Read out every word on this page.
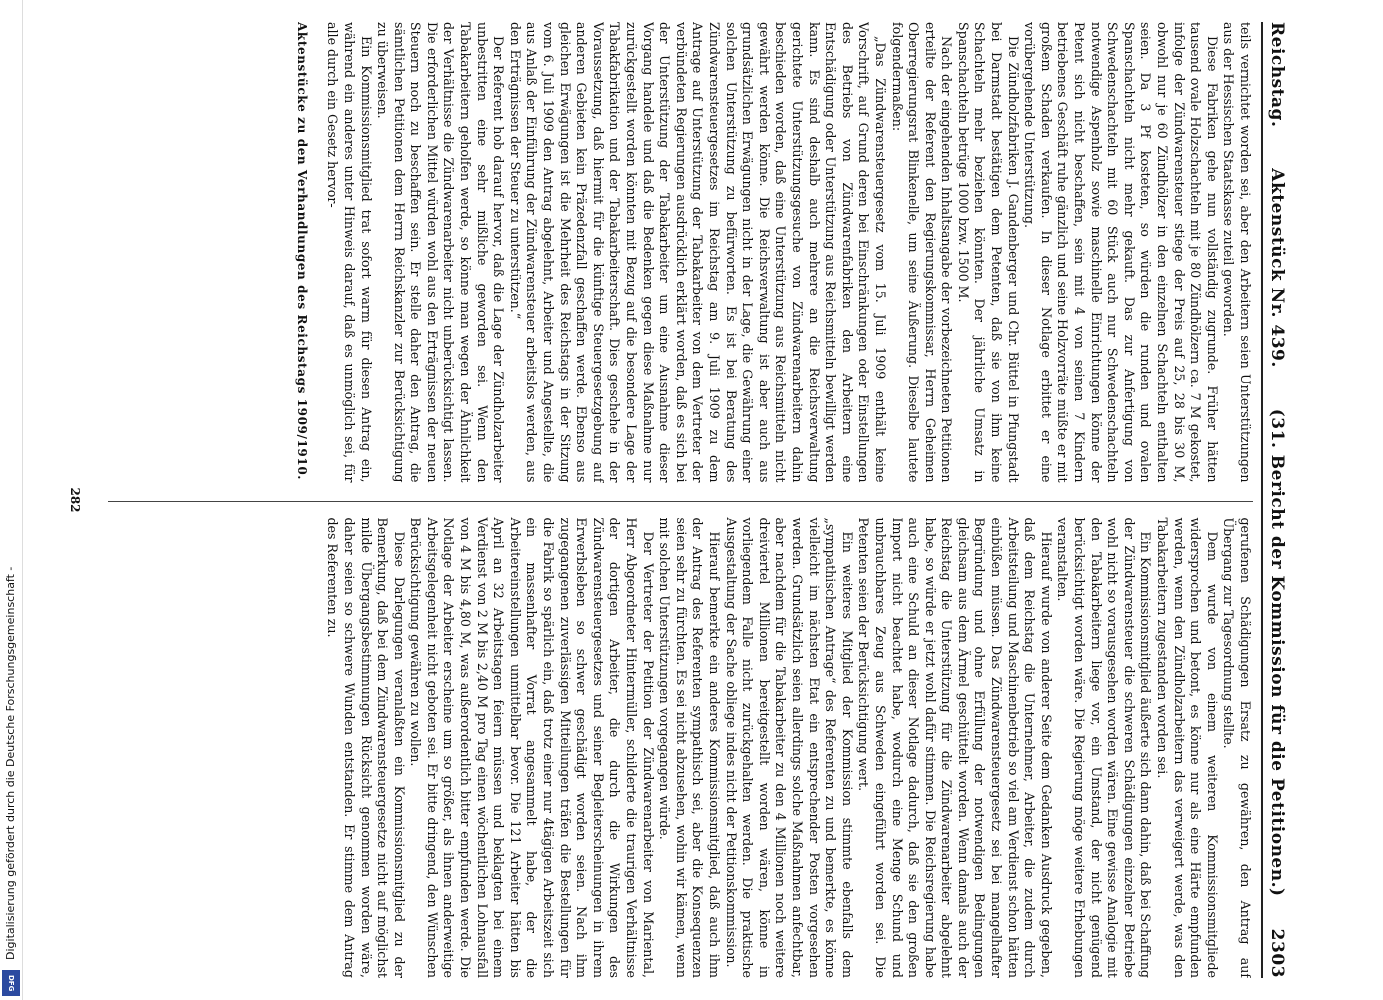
Digitalisierung gefördert durch die Deutsche Forschungsgemeinschaft -
DFG
Reichstag.
Aktenstück Nr. 439.
(31. Bericht der Kommission für die Petitionen.)     2303

teils vernichtet worden sei, aber den Arbeitern seien Unterstützungen aus der Hessischen Staatskasse zuteil geworden.

Diese Fabriken gehe nun vollständig zugrunde. Früher hätten tausend ovale Holzschachteln mit je 80 Zündhölzern ca. 7 M gekostet, infolge der Zündwarensteuer stiege der Preis auf 25, 28 bis 30 M, obwohl nur je 60 Zündhölzer in den einzelnen Schachteln enthalten seien. Da 3 Pf kosteten, so würden die runden und ovalen Spanschachteln nicht mehr gekauft. Das zur Anfertigung von Schwedenschachteln mit 60 Stück auch nur Schwedenschachteln notwendige Aspenholz sowie maschinelle Einrichtungen könne der Petent sich nicht beschaffen, sein mit 4 von seinen 7 Kindern betriebenes Geschäft ruhe gänzlich und seine Holzvorräte müßte er mit großem Schaden verkaufen. In dieser Notlage erbittet er eine vorübergehende Unterstützung.

Die Zündholzfabriken J. Gandenberger und Chr. Büttel in Pfungstadt bei Darmstadt bestätigen dem Petenten, daß sie von ihm keine Schachteln mehr beziehen könnten. Der jährliche Umsatz in Spanschachteln betrüge 1000 bzw. 1500 M.

Nach der eingehenden Inhaltsangabe der vorbezeichneten Petitionen erteilte der Referent den Regierungskommissar, Herrn Geheimen Oberregierungsrat Blinkenelle, um seine Äußerung. Dieselbe lautete folgendermaßen:

„Das Zündwarensteuergesetz vom 15. Juli 1909 enthält keine Vorschrift, auf Grund deren bei Einschränkungen oder Einstellungen des Betriebs von Zündwarenfabriken den Arbeitern eine Entschädigung oder Unterstützung aus Reichsmitteln bewilligt werden kann. Es sind deshalb auch mehrere an die Reichsverwaltung gerichtete Unterstützungsgesuche von Zündwarenarbeitern dahin beschieden worden, daß eine Unterstützung aus Reichsmitteln nicht gewährt werden könne. Die Reichsverwaltung ist aber auch aus grundsätzlichen Erwägungen nicht in der Lage, die Gewährung einer solchen Unterstützung zu befürworten. Es ist bei Beratung des Zündwarensteuergesetzes im Reichstag am 9. Juli 1909 zu dem Antrage auf Unterstützung der Tabakarbeiter von dem Vertreter der verbündeten Regierungen ausdrücklich erklärt worden, daß es sich bei der Unterstützung der Tabakarbeiter um eine Ausnahme dieser Vorgang handele und daß die Bedenken gegen diese Maßnahme nur zurückgestellt worden könnten mit Bezug auf die besondere Lage der Tabakfabrikation und der Tabakarbeiterschaft. Dies geschehe in der Voraussetzung, daß hiermit für die künftige Steuergesetzgebung auf anderen Gebieten kein Präzedenzfall geschaffen werde. Ebenso aus gleichen Erwägungen ist die Mehrheit des Reichstags in der Sitzung vom 6. Juli 1909 den Antrag abgelehnt, Arbeiter und Angestellte, die aus Anlaß der Einführung der Zündwarensteuer arbeitslos werden, aus den Erträgnissen der Steuer zu unterstützen.“

Der Referent hob darauf hervor, daß die Lage der Zündholzarbeiter unbestritten eine sehr mißliche geworden sei. Wenn den Tabakarbeitern geholfen werde, so könne man wegen der Ähnlichkeit der Verhältnisse die Zündwarenarbeiter nicht unberücksichtigt lassen. Die erforderlichen Mittel würden wohl aus den Erträgnissen der neuen Steuern noch zu beschaffen sein. Er stelle daher den Antrag, die sämtlichen Petitionen dem Herrn Reichskanzler zur Berücksichtigung zu überweisen.

Ein Kommissionsmitglied trat sofort warm für diesen Antrag ein, während ein anderes unter Hinweis darauf, daß es unmöglich sei, für alle durch ein Gesetz hervor-

Aktenstücke zu den Verhandlungen des Reichstags 1909/1910.

gerufenen Schädigungen Ersatz zu gewähren, den Antrag auf Übergang zur Tagesordnung stellte.

Dem wurde von einem weiteren Kommissionsmitgliede widersprochen und betont, es könne nur als eine Härte empfunden werden, wenn den Zündholzarbeitern das verweigert werde, was den Tabakarbeitern zugestanden worden sei.

Ein Kommissionsmitglied äußerte sich dann dahin, daß bei Schaffung der Zündwarensteuer die schweren Schädigungen einzelner Betriebe wohl nicht so vorausgesehen worden wären. Eine gewisse Analogie mit den Tabakarbeitern liege vor, ein Umstand, der nicht genügend berücksichtigt worden wäre. Die Regierung möge weitere Erhebungen veranstalten.

Hierauf wurde von anderer Seite dem Gedanken Ausdruck gegeben, daß dem Reichstag die Unternehmer, Arbeiter, die zudem durch Arbeitsteilung und Maschinenbetrieb so viel am Verdienst schon hätten einbüßen müssen. Das Zündwarensteuergesetz sei bei mangelhafter Begründung und ohne Erfüllung der notwendigen Bedingungen gleichsam aus dem Ärmel geschüttelt worden. Wenn damals auch der Reichstag die Unterstützung für die Zündwarenarbeiter abgelehnt habe, so würde er jetzt wohl dafür stimmen. Die Reichsregierung habe auch eine Schuld an dieser Notlage dadurch, daß sie den großen Import nicht beachtet habe, wodurch eine Menge Schund und unbrauchbares Zeug aus Schweden eingeführt worden sei. Die Petenten seien der Berücksichtigung wert.

Ein weiteres Mitglied der Kommission stimmte ebenfalls dem „sympathischen Antrage“ des Referenten zu und bemerkte, es könne vielleicht im nächsten Etat ein entsprechender Posten vorgesehen werden. Grundsätzlich seien allerdings solche Maßnahmen anfechtbar, aber nachdem für die Tabakarbeiter zu den 4 Millionen noch weitere dreiviertel Millionen bereitgestellt worden wären, könne in vorliegendem Falle nicht zurückgehalten werden. Die praktische Ausgestaltung der Sache obliege indes nicht der Petitionskommission.

Hierauf bemerkte ein anderes Kommissionsmitglied, daß auch ihm der Antrag des Referenten sympathisch sei, aber die Konsequenzen seien sehr zu fürchten. Es sei nicht abzusehen, wohin wir kämen, wenn mit solchen Unterstützungen vorgegangen würde.

Der Vertreter der Petition der Zündwarenarbeiter von Mariental, Herr Abgeordneter Hintermüller, schilderte die traurigen Verhältnisse der dortigen Arbeiter, die durch die Wirkungen des Zündwarensteuergesetzes und seiner Begleiterscheinungen in ihrem Erwerbsleben so schwer geschädigt worden seien. Nach ihm zugegangenen zuverlässigen Mitteilungen träfen die Bestellungen für die Fabrik so spärlich ein, daß trotz einer nur 4tägigen Arbeitszeit sich ein massenhafter Vorrat angesammelt habe, der die Arbeitereinstellungen unmittelbar bevor. Die 121 Arbeiter hätten bis April an 32 Arbeitstagen feiern müssen und beklagten bei einem Verdienst von 2 M bis 2,40 M pro Tag einen wöchentlichen Lohnausfall von 4 M bis 4,80 M, was außerordentlich bitter empfunden werde. Die Notlage der Arbeiter erscheine um so größer, als ihnen anderweitige Arbeitsgelegenheit nicht geboten sei. Er bitte dringend, den Wünschen Berücksichtigung gewähren zu wollen.

Diese Darlegungen veranlaßten ein Kommissionsmitglied zu der Bemerkung, daß bei dem Zündwarensteuergesetze nicht auf möglichst milde Übergangsbestimmungen Rücksicht genommen worden wäre, daher seien so schwere Wunden entstanden. Er stimme dem Antrag des Referenten zu.

282
